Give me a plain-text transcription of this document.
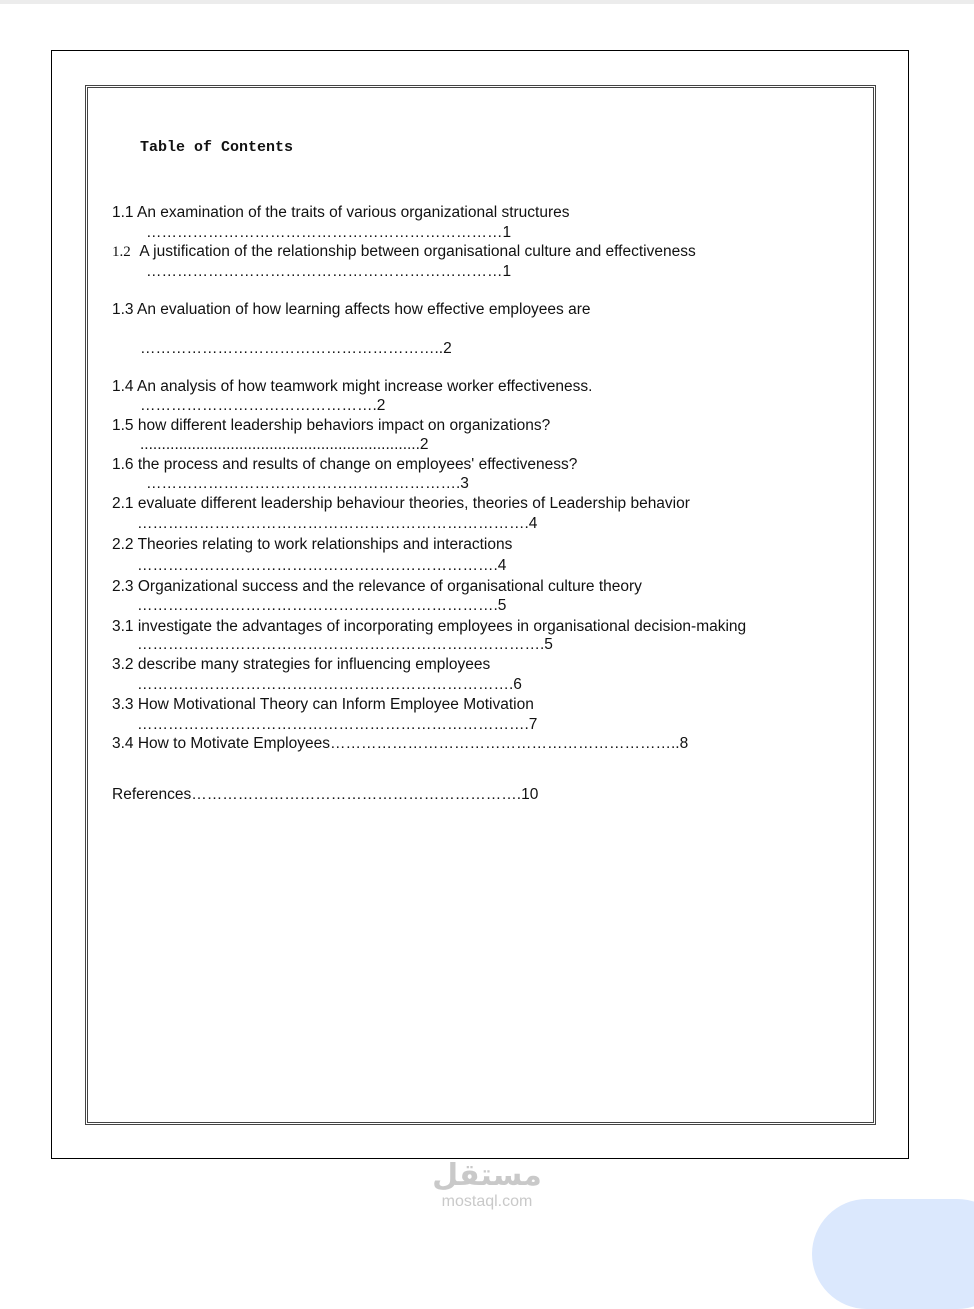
Table of Contents
1.1 An examination of the traits of various organizational structures
……………………………………………………………1
1.2 A justification of the relationship between organisational culture and effectiveness
……………………………………………………………1
1.3 An evaluation of how learning affects how effective employees are
…………………………………………………..2
1.4 An analysis of how teamwork might increase worker effectiveness.
……………………………………….2
1.5 how different leadership behaviors impact on organizations?
.................................................................2
1.6 the process and results of change on employees' effectiveness?
…………………………………………………….3
2.1 evaluate different leadership behaviour theories, theories of Leadership behavior
………………………………………………………………….4
2.2 Theories relating to work relationships and interactions
…………………………………………………………….4
2.3 Organizational success and the relevance of organisational culture theory
…………………………………………………………….5
3.1 investigate the advantages of incorporating employees in organisational decision-making
…………………………………………………………………….5
3.2 describe many strategies for influencing employees
……………………………………………………………….6
3.3 How Motivational Theory can Inform Employee Motivation
………………………………………………………………….7
3.4 How to Motivate Employees…………………………………………………………..8
References……………………………………………………….10
مستقل
mostaql.com
